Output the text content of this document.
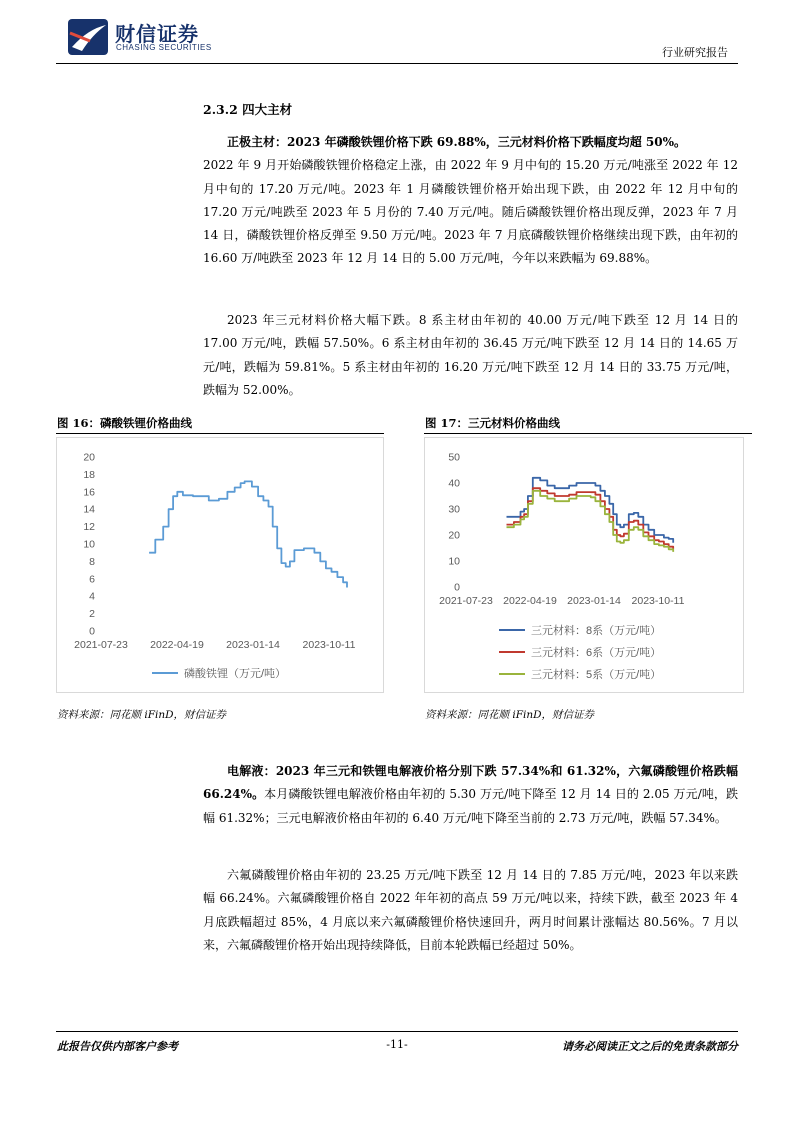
财信证券
CHASING SECURITIES	行业研究报告
2.3.2 四大主材
正极主材：2023 年磷酸铁锂价格下跌 69.88%，三元材料价格下跌幅度均超 50%。
2022 年 9 月开始磷酸铁锂价格稳定上涨，由 2022 年 9 月中旬的 15.20 万元/吨涨至 2022 年 12 月中旬的 17.20 万元/吨。2023 年 1 月磷酸铁锂价格开始出现下跌，由 2022 年 12 月中旬的 17.20 万元/吨跌至 2023 年 5 月份的 7.40 万元/吨。随后磷酸铁锂价格出现反弹，2023 年 7 月 14 日，磷酸铁锂价格反弹至 9.50 万元/吨。2023 年 7 月底磷酸铁锂价格继续出现下跌，由年初的 16.60 万/吨跌至 2023 年 12 月 14 日的 5.00 万元/吨，今年以来跌幅为 69.88%。
2023 年三元材料价格大幅下跌。8 系主材由年初的 40.00 万元/吨下跌至 12 月 14 日的 17.00 万元/吨，跌幅 57.50%。6 系主材由年初的 36.45 万元/吨下跌至 12 月 14 日的 14.65 万元/吨，跌幅为 59.81%。5 系主材由年初的 16.20 万元/吨下跌至 12 月 14 日的 33.75 万元/吨，跌幅为 52.00%。
图 16：磷酸铁锂价格曲线	图 17：三元材料价格曲线
0
2
4
6
8
10
12
14
16
18
20
2021-07-23 2022-04-19 2023-01-14 2023-10-11
磷酸铁锂（万元/吨）
0
10
20
30
40
50
2021-07-23 2022-04-19 2023-01-14 2023-10-11
三元材料：8系（万元/吨）
三元材料：6系（万元/吨）
三元材料：5系（万元/吨）
资料来源：同花顺 iFinD，财信证券	资料来源：同花顺 iFinD，财信证券
电解液：2023 年三元和铁锂电解液价格分别下跌 57.34%和 61.32%，六氟磷酸锂价格跌幅 66.24%。本月磷酸铁锂电解液价格由年初的 5.30 万元/吨下降至 12 月 14 日的 2.05 万元/吨，跌幅 61.32%；三元电解液价格由年初的 6.40 万元/吨下降至当前的 2.73 万元/吨，跌幅 57.34%。
六氟磷酸锂价格由年初的 23.25 万元/吨下跌至 12 月 14 日的 7.85 万元/吨，2023 年以来跌幅 66.24%。六氟磷酸锂价格自 2022 年年初的高点 59 万元/吨以来，持续下跌，截至 2023 年 4 月底跌幅超过 85%，4 月底以来六氟磷酸锂价格快速回升，两月时间累计涨幅达 80.56%。7 月以来，六氟磷酸锂价格开始出现持续降低，目前本轮跌幅已经超过 50%。
此报告仅供内部客户参考	-11-	请务必阅读正文之后的免责条款部分
